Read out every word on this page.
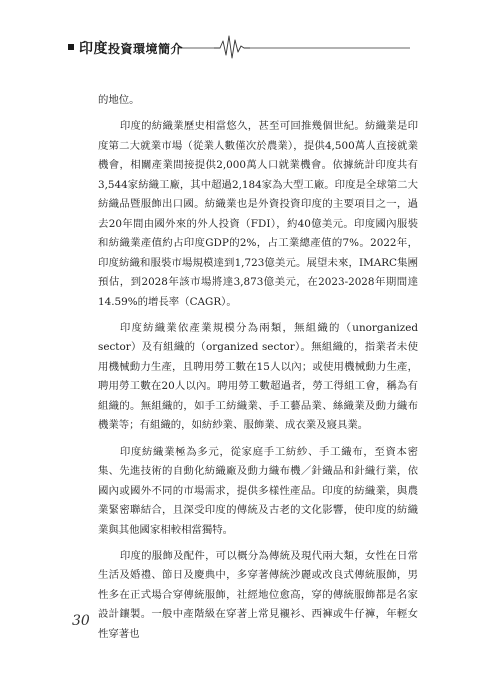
印度投資環境簡介

的地位。

印度的紡織業歷史相當悠久，甚至可回推幾個世紀。紡織業是印度第二大就業市場（從業人數僅次於農業），提供4,500萬人直接就業機會，相關產業間接提供2,000萬人口就業機會。依據統計印度共有3,544家紡織工廠，其中超過2,184家為大型工廠。印度是全球第二大紡織品暨服飾出口國。紡織業也是外資投資印度的主要項目之一，過去20年間由國外來的外人投資（FDI），約40億美元。印度國內服裝和紡織業產值約占印度GDP的2%，占工業總產值的7%。2022年，印度紡織和服裝市場規模達到1,723億美元。展望未來，IMARC集團預估，到2028年該市場將達3,873億美元，在2023-2028年期間達14.59%的增長率（CAGR）。

印度紡織業依產業規模分為兩類，無組織的（unorganized sector）及有組織的（organized sector）。無組織的，指業者未使用機械動力生產，且聘用勞工數在15人以內；或使用機械動力生產，聘用勞工數在20人以內。聘用勞工數超過者，勞工得組工會，稱為有組織的。無組織的，如手工紡織業、手工藝品業、絲織業及動力織布機業等；有組織的，如紡紗業、服飾業、成衣業及寢具業。

印度紡織業極為多元，從家庭手工紡紗、手工織布，至資本密集、先進技術的自動化紡織廠及動力織布機／針織品和針織行業，依國內或國外不同的市場需求，提供多樣性產品。印度的紡織業，與農業緊密聯結合，且深受印度的傳統及古老的文化影響，使印度的紡織業與其他國家相較相當獨特。

印度的服飾及配件，可以概分為傳統及現代兩大類，女性在日常生活及婚禮、節日及慶典中，多穿著傳統沙麗或改良式傳統服飾，男性多在正式場合穿傳統服飾，社經地位愈高，穿的傳統服飾都是名家設計鑲製。一般中產階級在穿著上常見襯衫、西褲或牛仔褲，年輕女性穿著也

30
